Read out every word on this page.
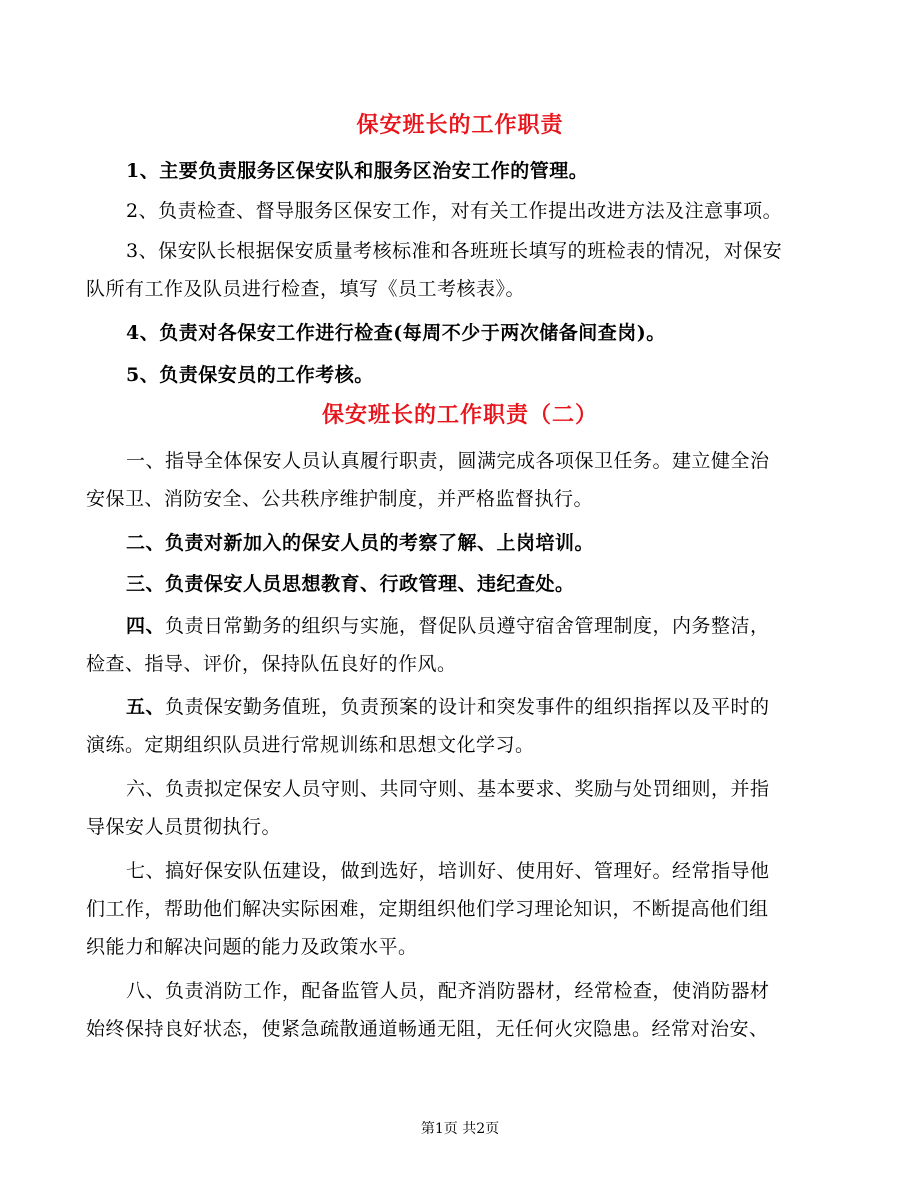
保安班长的工作职责
1、主要负责服务区保安队和服务区治安工作的管理。
2、负责检查、督导服务区保安工作，对有关工作提出改进方法及注意事项。
3、保安队长根据保安质量考核标准和各班班长填写的班检表的情况，对保安
队所有工作及队员进行检查，填写《员工考核表》。
4、负责对各保安工作进行检查(每周不少于两次储备间查岗)。
5、负责保安员的工作考核。
保安班长的工作职责（二）
一、指导全体保安人员认真履行职责，圆满完成各项保卫任务。建立健全治
安保卫、消防安全、公共秩序维护制度，并严格监督执行。
二、负责对新加入的保安人员的考察了解、上岗培训。
三、负责保安人员思想教育、行政管理、违纪查处。
四、负责日常勤务的组织与实施，督促队员遵守宿舍管理制度，内务整洁，
检查、指导、评价，保持队伍良好的作风。
五、负责保安勤务值班，负责预案的设计和突发事件的组织指挥以及平时的
演练。定期组织队员进行常规训练和思想文化学习。
六、负责拟定保安人员守则、共同守则、基本要求、奖励与处罚细则，并指
导保安人员贯彻执行。
七、搞好保安队伍建设，做到选好，培训好、使用好、管理好。经常指导他
们工作，帮助他们解决实际困难，定期组织他们学习理论知识，不断提高他们组
织能力和解决问题的能力及政策水平。
八、负责消防工作，配备监管人员，配齐消防器材，经常检查，使消防器材
始终保持良好状态，使紧急疏散通道畅通无阻，无任何火灾隐患。经常对治安、
第1页 共2页
